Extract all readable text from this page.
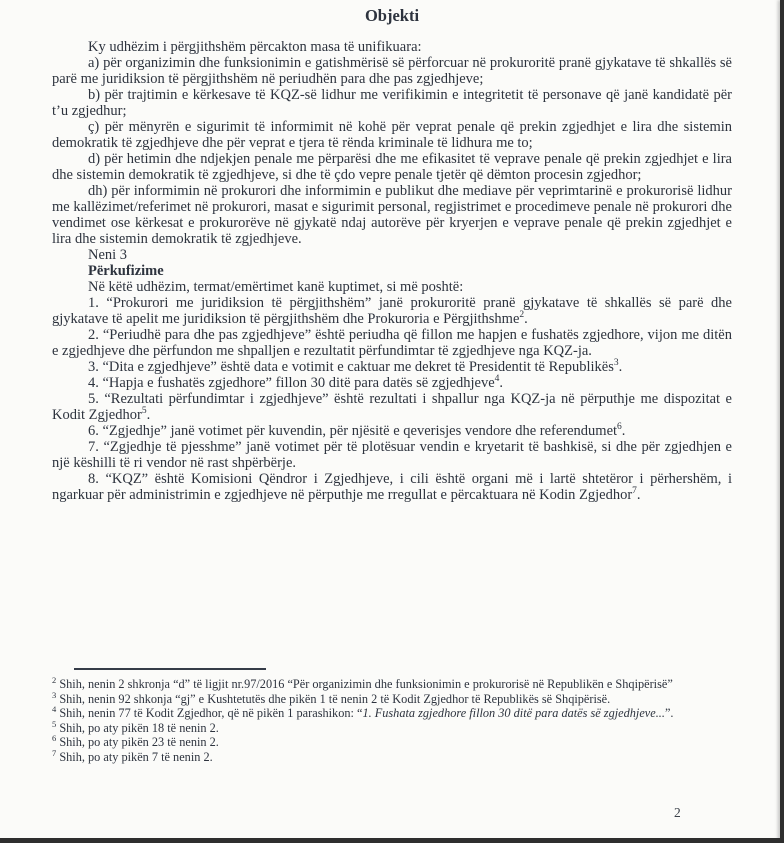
Objekti

Ky udhëzim i përgjithshëm përcakton masa të unifikuara:

a) për organizimin dhe funksionimin e gatishmërisë së përforcuar në prokuroritë pranë gjykatave të shkallës së parë me juridiksion të përgjithshëm në periudhën para dhe pas zgjedhjeve;

b) për trajtimin e kërkesave të KQZ-së lidhur me verifikimin e integritetit të personave që janë kandidatë për t’u zgjedhur;

ç) për mënyrën e sigurimit të informimit në kohë për veprat penale që prekin zgjedhjet e lira dhe sistemin demokratik të zgjedhjeve dhe për veprat e tjera të rënda kriminale të lidhura me to;

d) për hetimin dhe ndjekjen penale me përparësi dhe me efikasitet të veprave penale që prekin zgjedhjet e lira dhe sistemin demokratik të zgjedhjeve, si dhe të çdo vepre penale tjetër që dëmton procesin zgjedhor;

dh) për informimin në prokurori dhe informimin e publikut dhe mediave për veprimtarinë e prokurorisë lidhur me kallëzimet/referimet në prokurori, masat e sigurimit personal, regjistrimet e procedimeve penale në prokurori dhe vendimet ose kërkesat e prokurorëve në gjykatë ndaj autorëve për kryerjen e veprave penale që prekin zgjedhjet e lira dhe sistemin demokratik të zgjedhjeve.

Neni 3

Përkufizime

Në këtë udhëzim, termat/emërtimet kanë kuptimet, si më poshtë:

1. “Prokurori me juridiksion të përgjithshëm” janë prokuroritë pranë gjykatave të shkallës së parë dhe gjykatave të apelit me juridiksion të përgjithshëm dhe Prokuroria e Përgjithshme$^2$.

2. “Periudhë para dhe pas zgjedhjeve” është periudha që fillon me hapjen e fushatës zgjedhore, vijon me ditën e zgjedhjeve dhe përfundon me shpalljen e rezultatit përfundimtar të zgjedhjeve nga KQZ-ja.

3. “Dita e zgjedhjeve” është data e votimit e caktuar me dekret të Presidentit të Republikës$^3$.

4. “Hapja e fushatës zgjedhore” fillon 30 ditë para datës së zgjedhjeve$^4$.

5. “Rezultati përfundimtar i zgjedhjeve” është rezultati i shpallur nga KQZ-ja në përputhje me dispozitat e Kodit Zgjedhor$^5$.

6. “Zgjedhje” janë votimet për kuvendin, për njësitë e qeverisjes vendore dhe referendumet$^6$.

7. “Zgjedhje të pjesshme” janë votimet për të plotësuar vendin e kryetarit të bashkisë, si dhe për zgjedhjen e një këshilli të ri vendor në rast shpërbërje.

8. “KQZ” është Komisioni Qëndror i Zgjedhjeve, i cili është organi më i lartë shtetëror i përhershëm, i ngarkuar për administrimin e zgjedhjeve në përputhje me rregullat e përcaktuara në Kodin Zgjedhor$^7$.

$^2$ Shih, nenin 2 shkronja “d” të ligjit nr.97/2016 “Për organizimin dhe funksionimin e prokurorisë në Republikën e Shqipërisë”

$^3$ Shih, nenin 92 shkonja “gj” e Kushtetutës dhe pikën 1 të nenin 2 të Kodit Zgjedhor të Republikës së Shqipërisë.

$^4$ Shih, nenin 77 të Kodit Zgjedhor, që në pikën 1 parashikon: “1. Fushata zgjedhore fillon 30 ditë para datës së zgjedhjeve...”.

$^5$ Shih, po aty pikën 18 të nenin 2.

$^6$ Shih, po aty pikën 23 të nenin 2.

$^7$ Shih, po aty pikën 7 të nenin 2.

2
